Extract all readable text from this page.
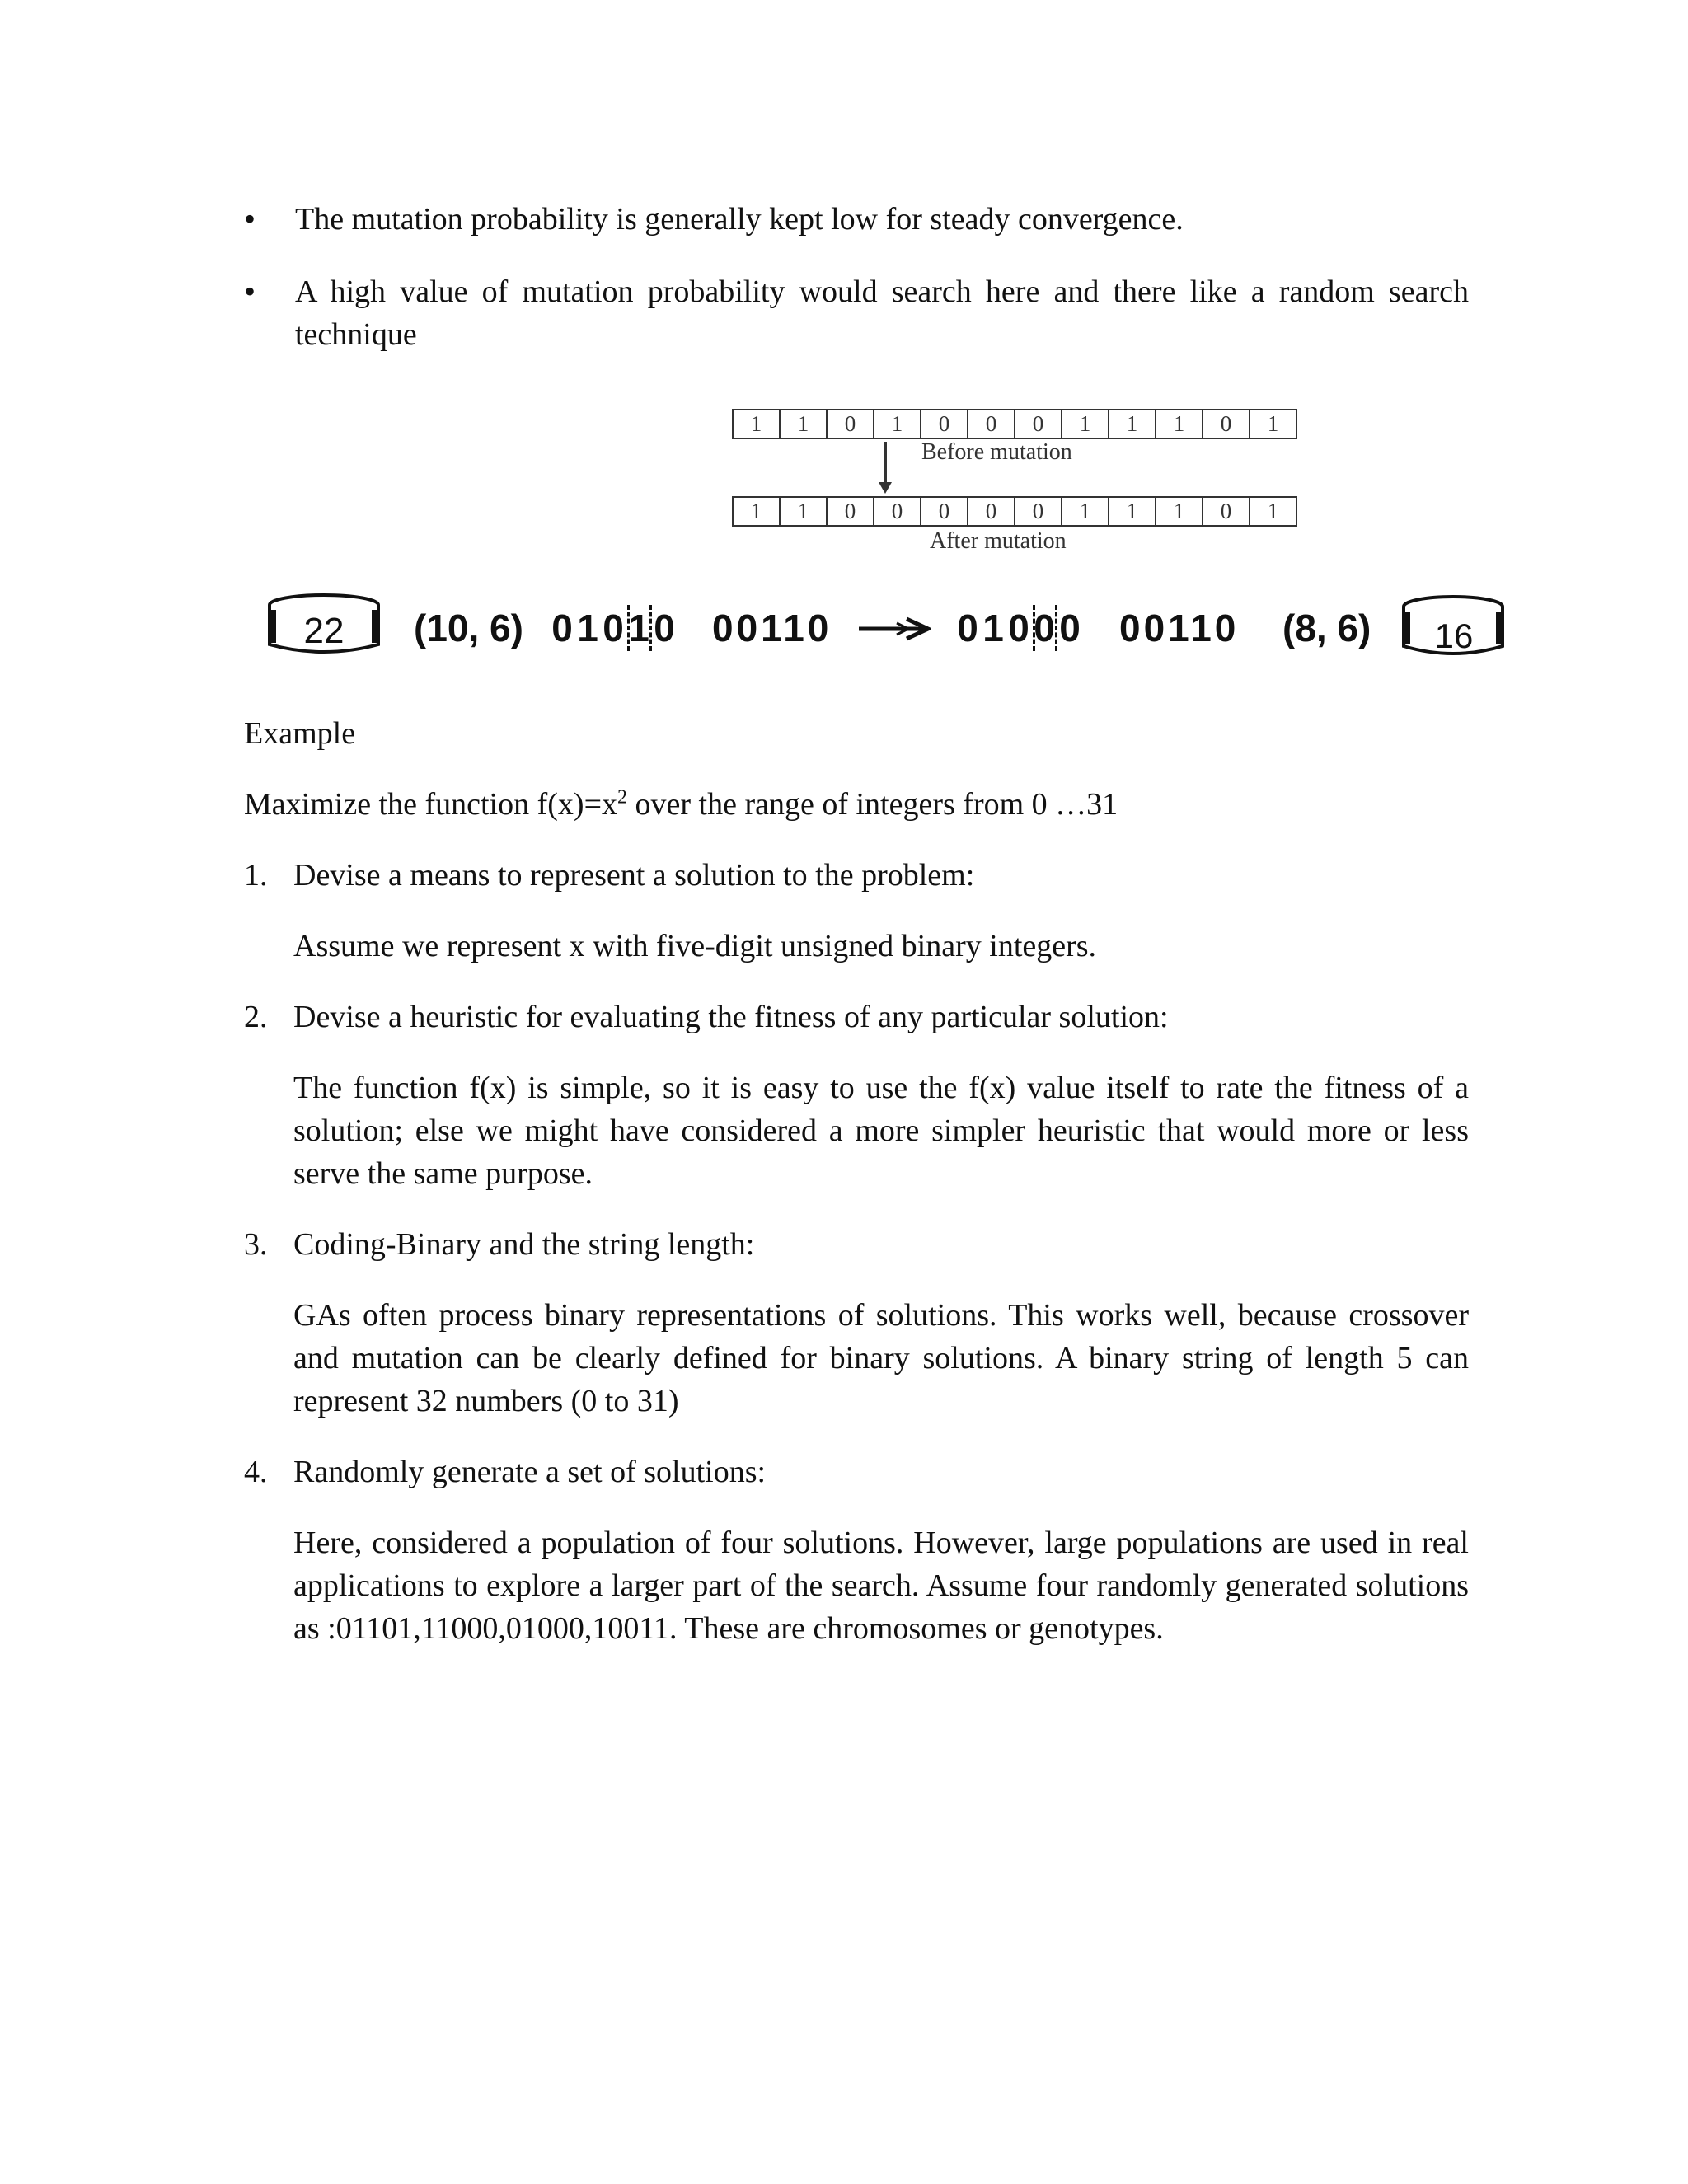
•
The mutation probability is generally kept low for steady convergence.
•
A high value of mutation probability would search here and there like a random search technique
1	1	0	1	0	0	0	1	1	1	0	1
Before mutation
1	1	0	0	0	0	0	1	1	1	0	1
After mutation
22	(10, 6) 0 1 0 1 0 00110	0 1 0 0 0 00110 (8, 6)	16
Example
Maximize the function $f(x)=x^2$ over the range of integers from 0 …31
1. Devise a means to represent a solution to the problem:
Assume we represent x with five-digit unsigned binary integers.
2. Devise a heuristic for evaluating the fitness of any particular solution:
The function f(x) is simple, so it is easy to use the f(x) value itself to rate the fitness of a solution; else we might have considered a more simpler heuristic that would more or less serve the same purpose.
3. Coding-Binary and the string length:
GAs often process binary representations of solutions. This works well, because crossover and mutation can be clearly defined for binary solutions. A binary string of length 5 can represent 32 numbers (0 to 31)
4. Randomly generate a set of solutions:
Here, considered a population of four solutions. However, large populations are used in real applications to explore a larger part of the search. Assume four randomly generated solutions as :01101,11000,01000,10011. These are chromosomes or genotypes.
